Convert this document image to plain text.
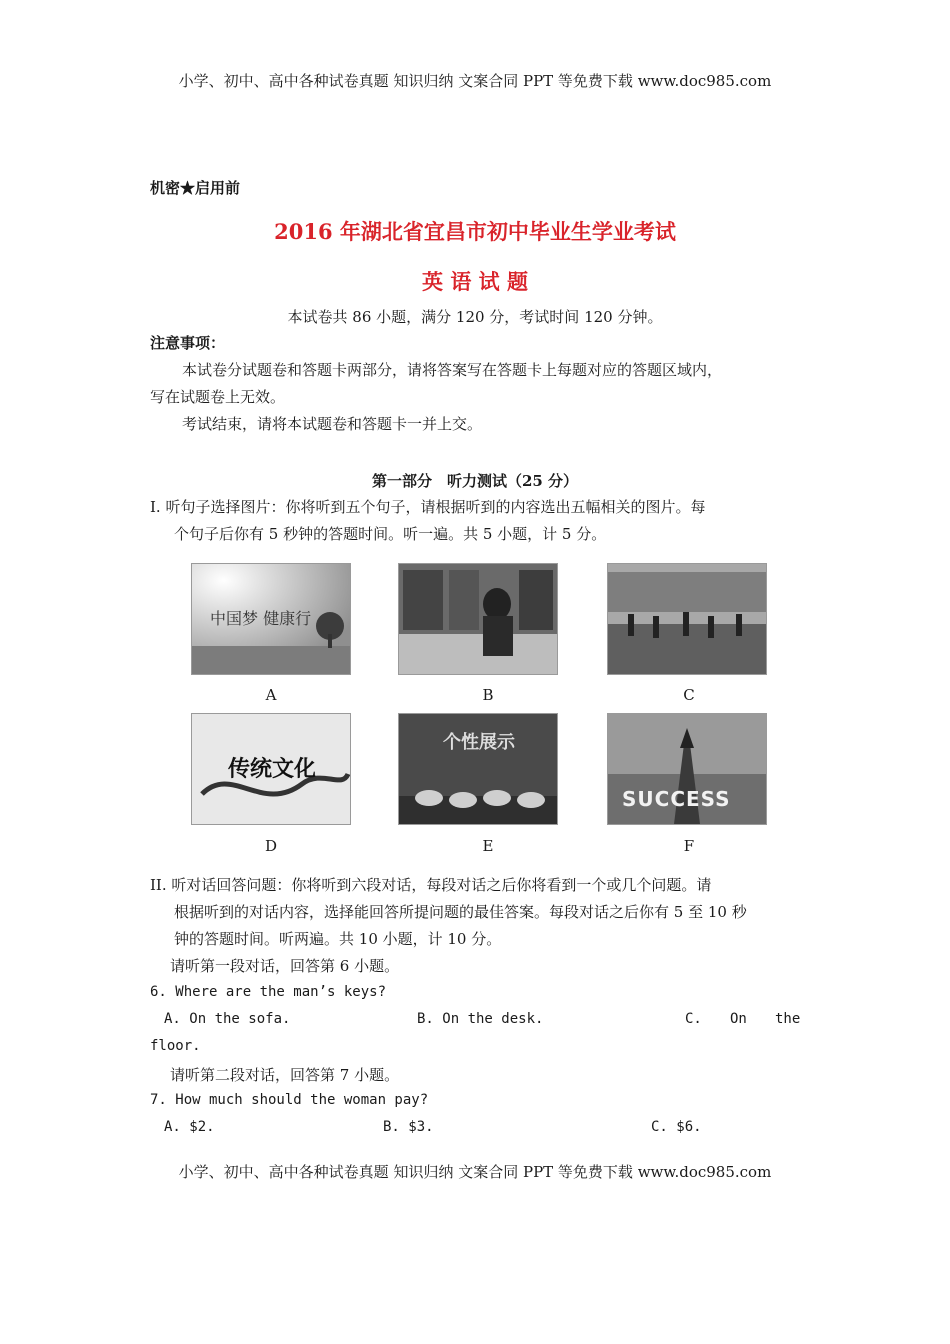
小学、初中、高中各种试卷真题 知识归纳 文案合同 PPT 等免费下载 www.doc985.com
机密★启用前
2016 年湖北省宜昌市初中毕业生学业考试
英 语 试 题
本试卷共 86 小题，满分 120 分，考试时间 120 分钟。
注意事项：
本试卷分试题卷和答题卡两部分，请将答案写在答题卡上每题对应的答题区域内，
写在试题卷上无效。
考试结束，请将本试题卷和答题卡一并上交。
第一部分　听力测试（25 分）
Ⅰ. 听句子选择图片：你将听到五个句子，请根据听到的内容选出五幅相关的图片。每
个句子后你有 5 秒钟的答题时间。听一遍。共 5 小题，计 5 分。
中国梦 健康行
A	B	C
传统文化
D
个性展示
E
SUCCESS
F
II. 听对话回答问题：你将听到六段对话，每段对话之后你将看到一个或几个问题。请
根据听到的对话内容，选择能回答所提问题的最佳答案。每段对话之后你有 5 至 10 秒
钟的答题时间。听两遍。共 10 小题，计 10 分。
请听第一段对话，回答第 6 小题。
6. Where are the man’s keys?
A. On the sofa.	B. On the desk.	C. On the
floor.
请听第二段对话，回答第 7 小题。
7. How much should the woman pay?
A. $2.	B. $3.	C. $6.
小学、初中、高中各种试卷真题 知识归纳 文案合同 PPT 等免费下载 www.doc985.com
